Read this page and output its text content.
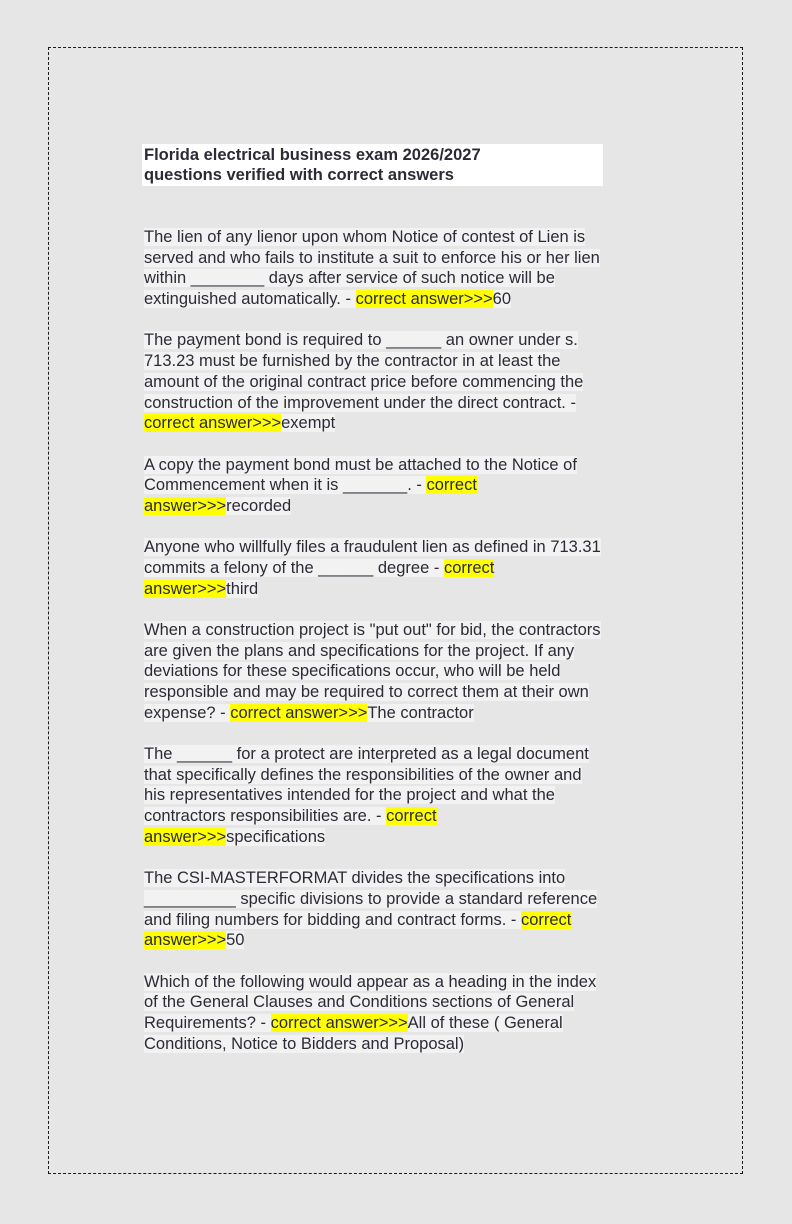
Florida electrical business exam 2026/2027
questions verified with correct answers
The lien of any lienor upon whom Notice of contest of Lien is
served and who fails to institute a suit to enforce his or her lien
within ________ days after service of such notice will be
extinguished automatically. - correct answer>>>60
The payment bond is required to ______ an owner under s.
713.23 must be furnished by the contractor in at least the
amount of the original contract price before commencing the
construction of the improvement under the direct contract. -
correct answer>>>exempt
A copy the payment bond must be attached to the Notice of
Commencement when it is _______. - correct
answer>>>recorded
Anyone who willfully files a fraudulent lien as defined in 713.31
commits a felony of the ______ degree - correct
answer>>>third
When a construction project is "put out" for bid, the contractors
are given the plans and specifications for the project. If any
deviations for these specifications occur, who will be held
responsible and may be required to correct them at their own
expense? - correct answer>>>The contractor
The ______ for a protect are interpreted as a legal document
that specifically defines the responsibilities of the owner and
his representatives intended for the project and what the
contractors responsibilities are. - correct
answer>>>specifications
The CSI-MASTERFORMAT divides the specifications into
__________ specific divisions to provide a standard reference
and filing numbers for bidding and contract forms. - correct
answer>>>50
Which of the following would appear as a heading in the index
of the General Clauses and Conditions sections of General
Requirements? - correct answer>>>All of these ( General
Conditions, Notice to Bidders and Proposal)
